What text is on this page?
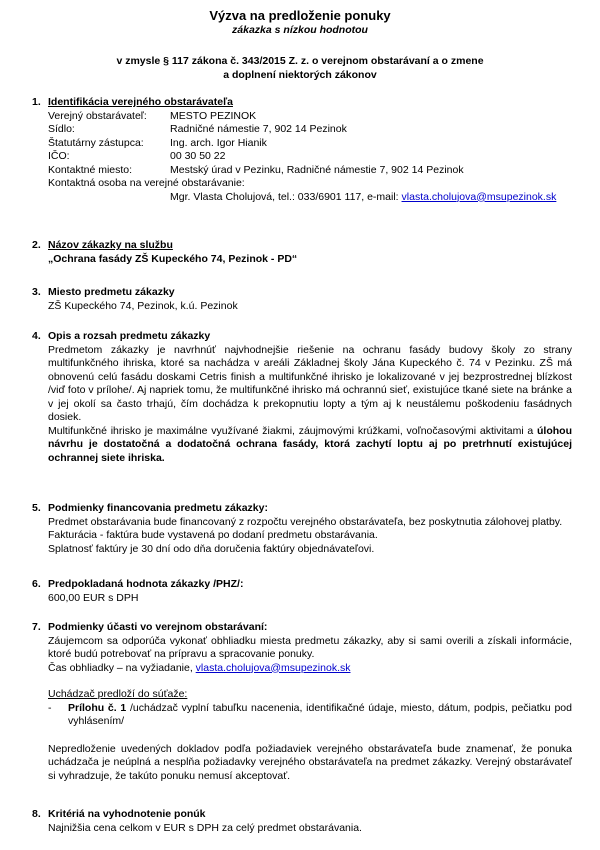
Výzva na predloženie ponuky
zákazka s nízkou hodnotou
v zmysle § 117 zákona č. 343/2015 Z. z. o verejnom obstarávaní a o zmene
a doplnení niektorých zákonov
1. Identifikácia verejného obstarávateľa
Verejný obstarávateľ: MESTO PEZINOK
Sídlo:	Radničné námestie 7, 902 14 Pezinok
Štatutárny zástupca:	Ing. arch. Igor Hianik
IČO:	00 30 50 22
Kontaktné miesto:	Mestský úrad v Pezinku, Radničné námestie 7, 902 14 Pezinok
Kontaktná osoba na verejné obstarávanie:
Mgr. Vlasta Cholujová, tel.: 033/6901 117, e-mail: vlasta.cholujova@msupezinok.sk
2. Názov zákazky na službu
„Ochrana fasády ZŠ Kupeckého 74, Pezinok - PD“
3. Miesto predmetu zákazky
ZŠ Kupeckého 74, Pezinok, k.ú. Pezinok
4. Opis a rozsah predmetu zákazky
Predmetom zákazky je navrhnúť najvhodnejšie riešenie na ochranu fasády budovy školy zo strany multifunkčného ihriska, ktoré sa nachádza v areáli Základnej školy Jána Kupeckého č. 74 v Pezinku. ZŠ má obnovenú celú fasádu doskami Cetris finish a multifunkčné ihrisko je lokalizované v jej bezprostrednej blízkost /viď foto v prílohe/. Aj napriek tomu, že multifunkčné ihrisko má ochrannú sieť, existujúce tkané siete na bránke a v jej okolí sa často trhajú, čím dochádza k prekopnutiu lopty a tým aj k neustálemu poškodeniu fasádnych dosiek.
Multifunkčné ihrisko je maximálne využívané žiakmi, záujmovými krúžkami, voľnočasovými aktivitami a úlohou návrhu je dostatočná a dodatočná ochrana fasády, ktorá zachytí loptu aj po pretrhnutí existujúcej ochrannej siete ihriska.
5. Podmienky financovania predmetu zákazky:
Predmet obstarávania bude financovaný z rozpočtu verejného obstarávateľa, bez poskytnutia zálohovej platby.
Fakturácia - faktúra bude vystavená po dodaní predmetu obstarávania.
Splatnosť faktúry je 30 dní odo dňa doručenia faktúry objednávateľovi.
6. Predpokladaná hodnota zákazky /PHZ/:
600,00 EUR s DPH
7. Podmienky účasti vo verejnom obstarávaní:
Záujemcom sa odporúča vykonať obhliadku miesta predmetu zákazky, aby si sami overili a získali informácie, ktoré budú potrebovať na prípravu a spracovanie ponuky.
Čas obhliadky – na vyžiadanie, vlasta.cholujova@msupezinok.sk
Uchádzač predloží do súťaže:
- Prílohu č. 1 /uchádzač vyplní tabuľku nacenenia, identifikačné údaje, miesto, dátum, podpis, pečiatku pod vyhlásením/
Nepredloženie uvedených dokladov podľa požiadaviek verejného obstarávateľa bude znamenať, že ponuka uchádzača je neúplná a nesplňa požiadavky verejného obstarávateľa na predmet zákazky. Verejný obstarávateľ si vyhradzuje, že takúto ponuku nemusí akceptovať.
8. Kritériá na vyhodnotenie ponúk
Najnižšia cena celkom v EUR s DPH za celý predmet obstarávania.
